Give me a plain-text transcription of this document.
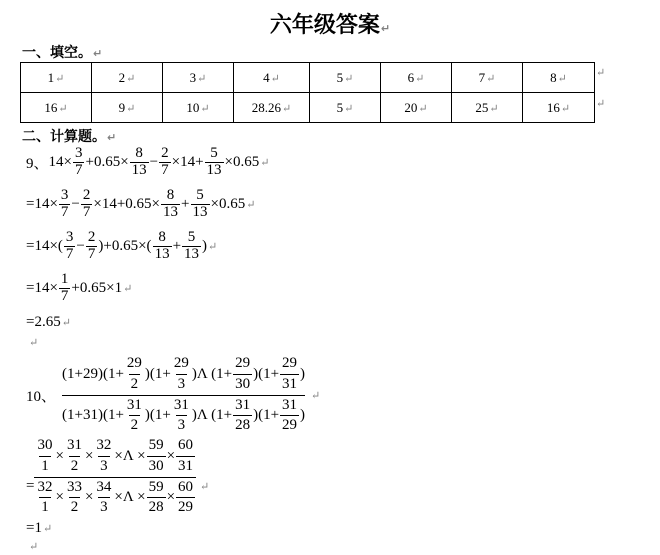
六年级答案↵
一、填空。↵
1↵	2↵	3↵	4↵	5↵	6↵	7↵	8↵
16↵	9↵	10↵	28.26↵	5↵	20↵	25↵	16↵
↵
↵
二、计算题。↵
9、 $14\times \frac{3}{7} +0.65\times \frac{8}{13} - \frac{2}{7} \times 14+ \frac{5}{13} \times 0.65$ ↵
$=14\times \frac{3}{7} - \frac{2}{7} \times 14+0.65\times \frac{8}{13} + \frac{5}{13} \times 0.65$ ↵
$=14\times( \frac{3}{7} - \frac{2}{7} )+0.65\times( \frac{8}{13} + \frac{5}{13}$ ) ↵
$=14\times \frac{1}{7} +0.65\times 1$ ↵
=2.65 ↵
↵
10、
$(1+29)(1+ \frac{29}{2} )(1+ \frac{29}{3} )\Lambda$ $(1+ \frac{29}{30} )(1+ \frac{29}{31}$ )
$(1+31)(1+ \frac{31}{2} )(1+ \frac{31}{3} )\Lambda$ $(1+ \frac{31}{28} )(1+ \frac{31}{29}$ )
↵
=
$\frac{30}{1} \times \frac{31}{2} \times \frac{32}{3} \times\Lambda \times \frac{59}{30} \times \frac{60}{31}$
$\frac{32}{1} \times \frac{33}{2} \times \frac{34}{3} \times\Lambda \times \frac{59}{28} \times \frac{60}{29}$ ↵
=1 ↵
↵
